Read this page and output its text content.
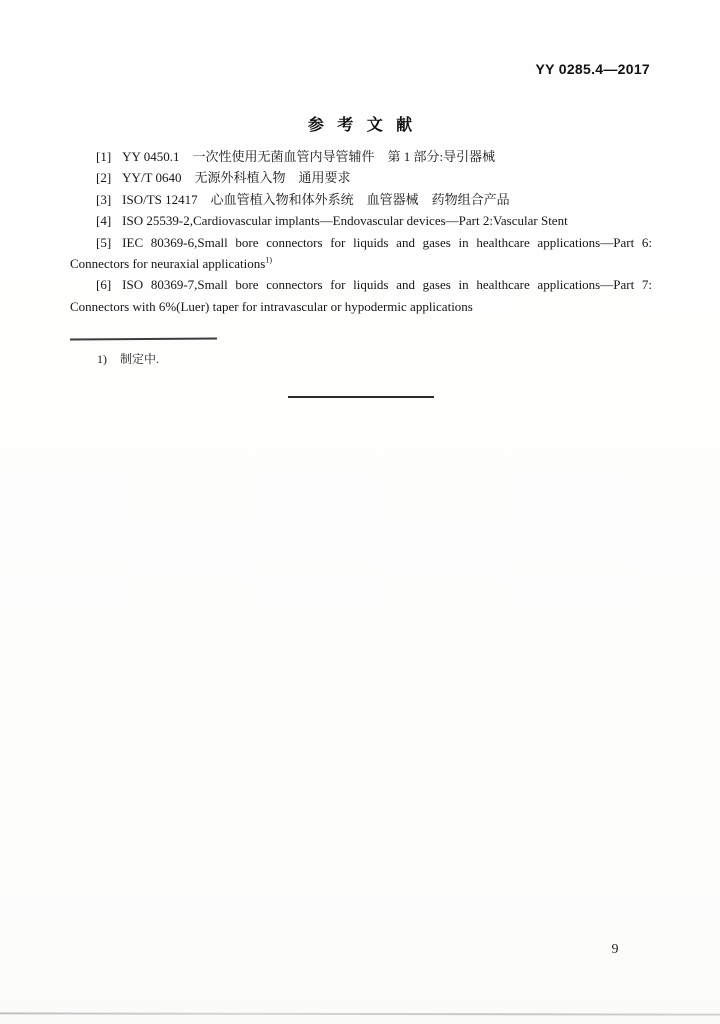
YY 0285.4—2017
参 考 文 献

[1] YY 0450.1　一次性使用无菌血管内导管辅件　第 1 部分:导引器械

[2] YY/T 0640　无源外科植入物　通用要求

[3] ISO/TS 12417　心血管植入物和体外系统　血管器械　药物组合产品

[4] ISO 25539-2,Cardiovascular implants—Endovascular devices—Part 2:Vascular Stent

[5] IEC 80369-6,Small bore connectors for liquids and gases in healthcare applications—Part 6: Connectors for neuraxial applications$^{1)}$

[6] ISO 80369-7,Small bore connectors for liquids and gases in healthcare applications—Part 7: Connectors with 6%(Luer) taper for intravascular or hypodermic applications

1) 制定中.
9
